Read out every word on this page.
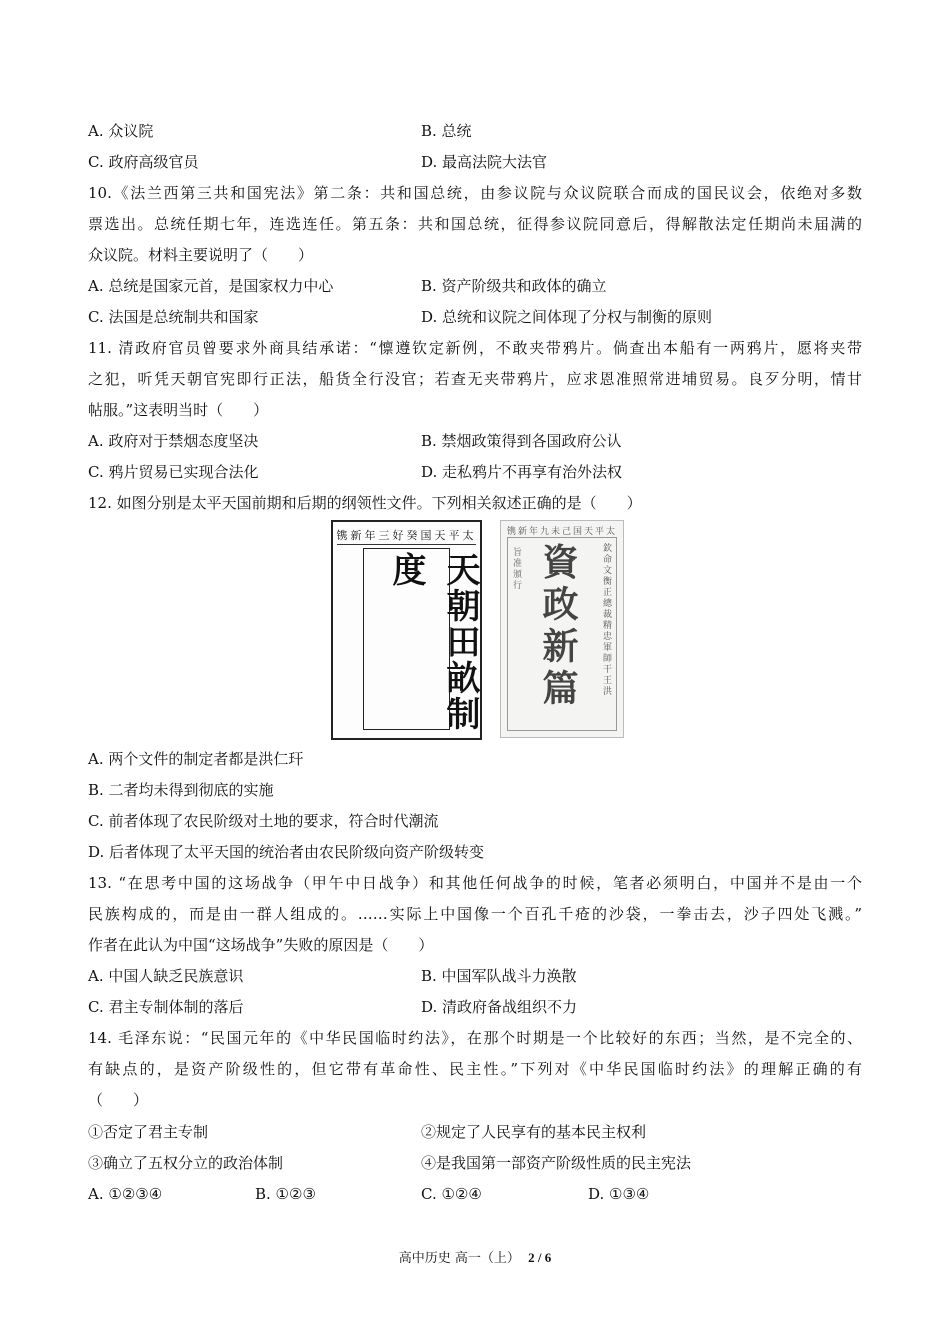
A. 众议院	B. 总统
C. 政府高级官员	D. 最高法院大法官
10.《法兰西第三共和国宪法》第二条：共和国总统，由参议院与众议院联合而成的国民议会，依绝对多数
票选出。总统任期七年，连选连任。第五条：共和国总统，征得参议院同意后，得解散法定任期尚未届满的
众议院。材料主要说明了（　　）
A. 总统是国家元首，是国家权力中心	B. 资产阶级共和政体的确立
C. 法国是总统制共和国家	D. 总统和议院之间体现了分权与制衡的原则
11. 清政府官员曾要求外商具结承诺：“懔遵钦定新例，不敢夹带鸦片。倘查出本船有一两鸦片，愿将夹带
之犯，听凭天朝官宪即行正法，船货全行没官；若查无夹带鸦片，应求恩准照常进埔贸易。良歹分明，情甘
帖服。”这表明当时（　　）
A. 政府对于禁烟态度坚决	B. 禁烟政策得到各国政府公认
C. 鸦片贸易已实现合法化	D. 走私鸦片不再享有治外法权
12. 如图分别是太平天国前期和后期的纲领性文件。下列相关叙述正确的是（　　）
太平天国癸好三年新镌
天朝田畝制度
太平天国己未九年新镌
旨准頒行 資政新篇 欽命文衡正總裁精忠軍師干王洪
A. 两个文件的制定者都是洪仁玕
B. 二者均未得到彻底的实施
C. 前者体现了农民阶级对土地的要求，符合时代潮流
D. 后者体现了太平天国的统治者由农民阶级向资产阶级转变
13. “在思考中国的这场战争（甲午中日战争）和其他任何战争的时候，笔者必须明白，中国并不是由一个
民族构成的，而是由一群人组成的。……实际上中国像一个百孔千疮的沙袋，一拳击去，沙子四处飞溅。”
作者在此认为中国“这场战争”失败的原因是（　　）
A. 中国人缺乏民族意识	B. 中国军队战斗力涣散
C. 君主专制体制的落后	D. 清政府备战组织不力
14. 毛泽东说：“民国元年的《中华民国临时约法》，在那个时期是一个比较好的东西；当然，是不完全的、
有缺点的，是资产阶级性的，但它带有革命性、民主性。”下列对《中华民国临时约法》的理解正确的有
（　　）
①否定了君主专制	②规定了人民享有的基本民主权利
③确立了五权分立的政治体制	④是我国第一部资产阶级性质的民主宪法
A. ①②③④	B. ①②③	C. ①②④	D. ①③④
高中历史 高一（上） 2 / 6
